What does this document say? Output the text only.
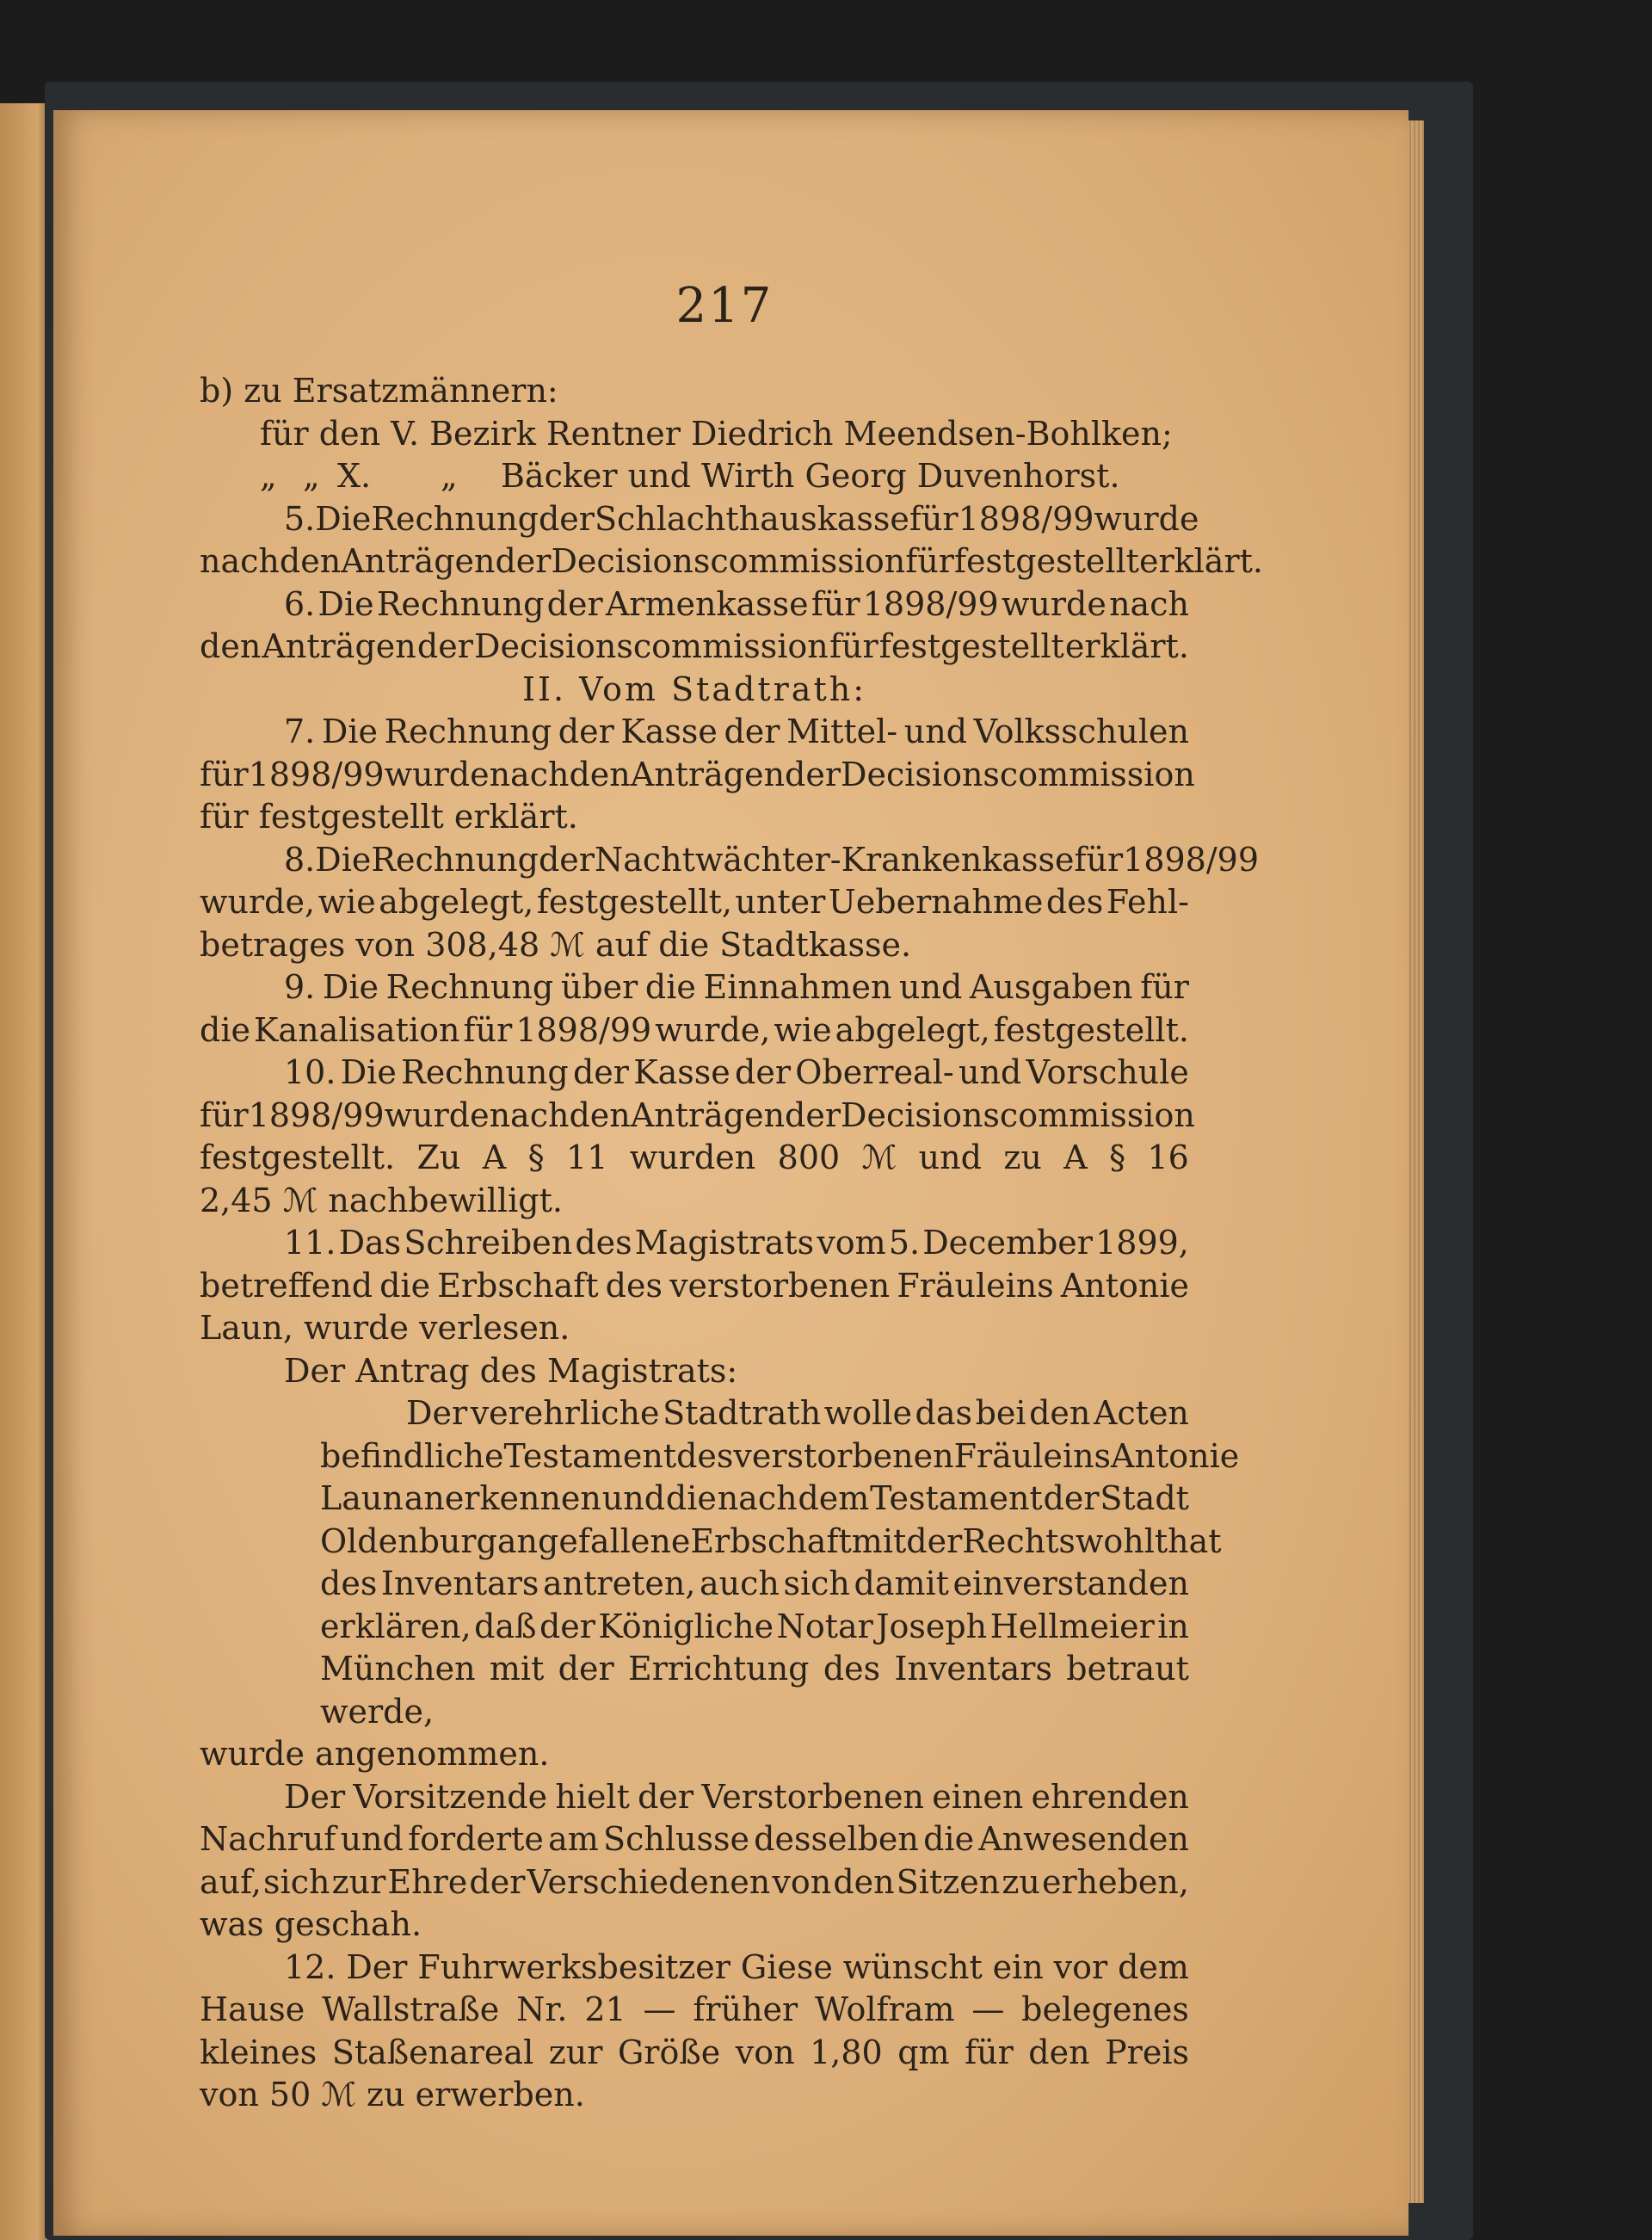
217
b) zu Ersatzmännern:
für den V. Bezirk Rentner Diedrich Meendsen-Bohlken;
„ „ X. „ Bäcker und Wirth Georg Duvenhorst.
5. Die Rechnung der Schlachthauskasse für 1898/99 wurde
nach den Anträgen der Decisionscommission für festgestellt erklärt.
6. Die Rechnung der Armenkasse für 1898/99 wurde nach
den Anträgen der Decisionscommission für festgestellt erklärt.
II. Vom Stadtrath:
7. Die Rechnung der Kasse der Mittel- und Volksschulen
für 1898/99 wurde nach den Anträgen der Decisionscommission
für festgestellt erklärt.
8. Die Rechnung der Nachtwächter-Krankenkasse für 1898/99
wurde, wie abgelegt, festgestellt, unter Uebernahme des Fehl-
betrages von 308,48 ℳ auf die Stadtkasse.
9. Die Rechnung über die Einnahmen und Ausgaben für
die Kanalisation für 1898/99 wurde, wie abgelegt, festgestellt.
10. Die Rechnung der Kasse der Oberreal- und Vorschule
für 1898/99 wurde nach den Anträgen der Decisionscommission
festgestellt. Zu A § 11 wurden 800 ℳ und zu A § 16
2,45 ℳ nachbewilligt.
11. Das Schreiben des Magistrats vom 5. December 1899,
betreffend die Erbschaft des verstorbenen Fräuleins Antonie
Laun, wurde verlesen.
Der Antrag des Magistrats:
Der verehrliche Stadtrath wolle das bei den Acten
befindliche Testament des verstorbenen Fräuleins Antonie
Laun anerkennen und die nach dem Testament der Stadt
Oldenburg angefallene Erbschaft mit der Rechtswohlthat
des Inventars antreten, auch sich damit einverstanden
erklären, daß der Königliche Notar Joseph Hellmeier in
München mit der Errichtung des Inventars betraut
werde,
wurde angenommen.
Der Vorsitzende hielt der Verstorbenen einen ehrenden
Nachruf und forderte am Schlusse desselben die Anwesenden
auf, sich zur Ehre der Verschiedenen von den Sitzen zu erheben,
was geschah.
12. Der Fuhrwerksbesitzer Giese wünscht ein vor dem
Hause Wallstraße Nr. 21 — früher Wolfram — belegenes
kleines Staßenareal zur Größe von 1,80 qm für den Preis
von 50 ℳ zu erwerben.
